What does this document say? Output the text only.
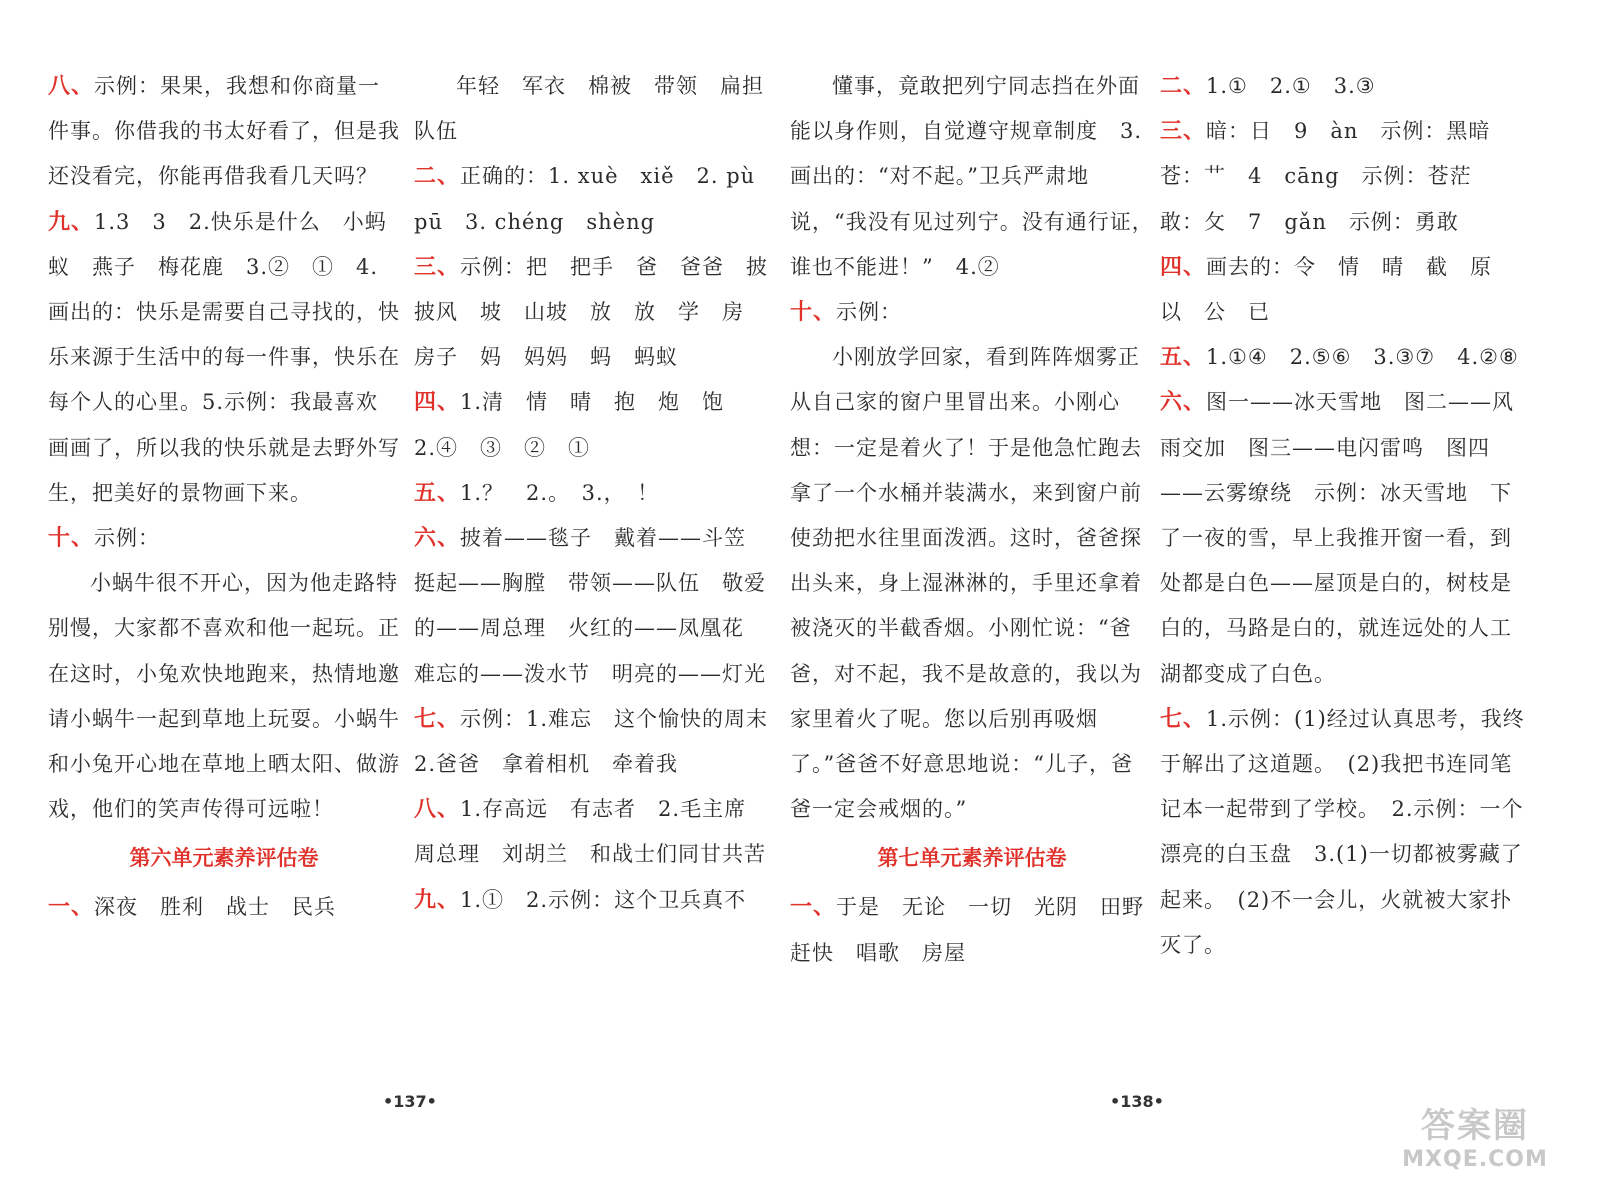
八、示例：果果，我想和你商量一件事。你借我的书太好看了，但是我还没看完，你能再借我看几天吗？

九、1.3　3　2.快乐是什么　小蚂蚁　燕子　梅花鹿　3.②　①　4.画出的：快乐是需要自己寻找的，快乐来源于生活中的每一件事，快乐在每个人的心里。5.示例：我最喜欢画画了，所以我的快乐就是去野外写生，把美好的景物画下来。

十、示例：

小蜗牛很不开心，因为他走路特别慢，大家都不喜欢和他一起玩。正在这时，小兔欢快地跑来，热情地邀请小蜗牛一起到草地上玩耍。小蜗牛和小兔开心地在草地上晒太阳、做游戏，他们的笑声传得可远啦！

第六单元素养评估卷

一、深夜　胜利　战士　民兵

年轻　军衣　棉被　带领　扁担　队伍

二、正确的：1. xuè　xiě　2. pù　pū　3. chéng　shèng

三、示例：把　把手　爸　爸爸　披　披风　坡　山坡　放　放　学　房　房子　妈　妈妈　蚂　蚂蚁

四、1.清　情　晴　抱　炮　饱　2.④　③　②　①

五、1.？　2.。　3.，　！

六、披着——毯子　戴着——斗笠　挺起——胸膛　带领——队伍　敬爱的——周总理　火红的——凤凰花　难忘的——泼水节　明亮的——灯光

七、示例：1.难忘　这个愉快的周末　2.爸爸　拿着相机　牵着我

八、1.存高远　有志者　2.毛主席　周总理　刘胡兰　和战士们同甘共苦

九、1.①　2.示例：这个卫兵真不

懂事，竟敢把列宁同志挡在外面　能以身作则，自觉遵守规章制度　3.画出的：“对不起。”卫兵严肃地说，“我没有见过列宁。没有通行证，谁也不能进！”　4.②

十、示例：

小刚放学回家，看到阵阵烟雾正从自己家的窗户里冒出来。小刚心想：一定是着火了！于是他急忙跑去拿了一个水桶并装满水，来到窗户前使劲把水往里面泼洒。这时，爸爸探出头来，身上湿淋淋的，手里还拿着被浇灭的半截香烟。小刚忙说：“爸爸，对不起，我不是故意的，我以为家里着火了呢。您以后别再吸烟了。”爸爸不好意思地说：“儿子，爸爸一定会戒烟的。”

第七单元素养评估卷

一、于是　无论　一切　光阴　田野　赶快　唱歌　房屋

二、1.①　2.①　3.③

三、暗：日　9　àn　示例：黑暗　苍：艹　4　cāng　示例：苍茫　敢：攵　7　gǎn　示例：勇敢

四、画去的：令　情　晴　截　原　以　公　已

五、1.①④　2.⑤⑥　3.③⑦　4.②⑧

六、图一——冰天雪地　图二——风雨交加　图三——电闪雷鸣　图四——云雾缭绕　示例：冰天雪地　下了一夜的雪，早上我推开窗一看，到处都是白色——屋顶是白的，树枝是白的，马路是白的，就连远处的人工湖都变成了白色。

七、1.示例：(1)经过认真思考，我终于解出了这道题。　(2)我把书连同笔记本一起带到了学校。　2.示例：一个漂亮的白玉盘　3.(1)一切都被雾藏了起来。　(2)不一会儿，火就被大家扑灭了。

•137•	•138•
答案圈
MXQE.COM
